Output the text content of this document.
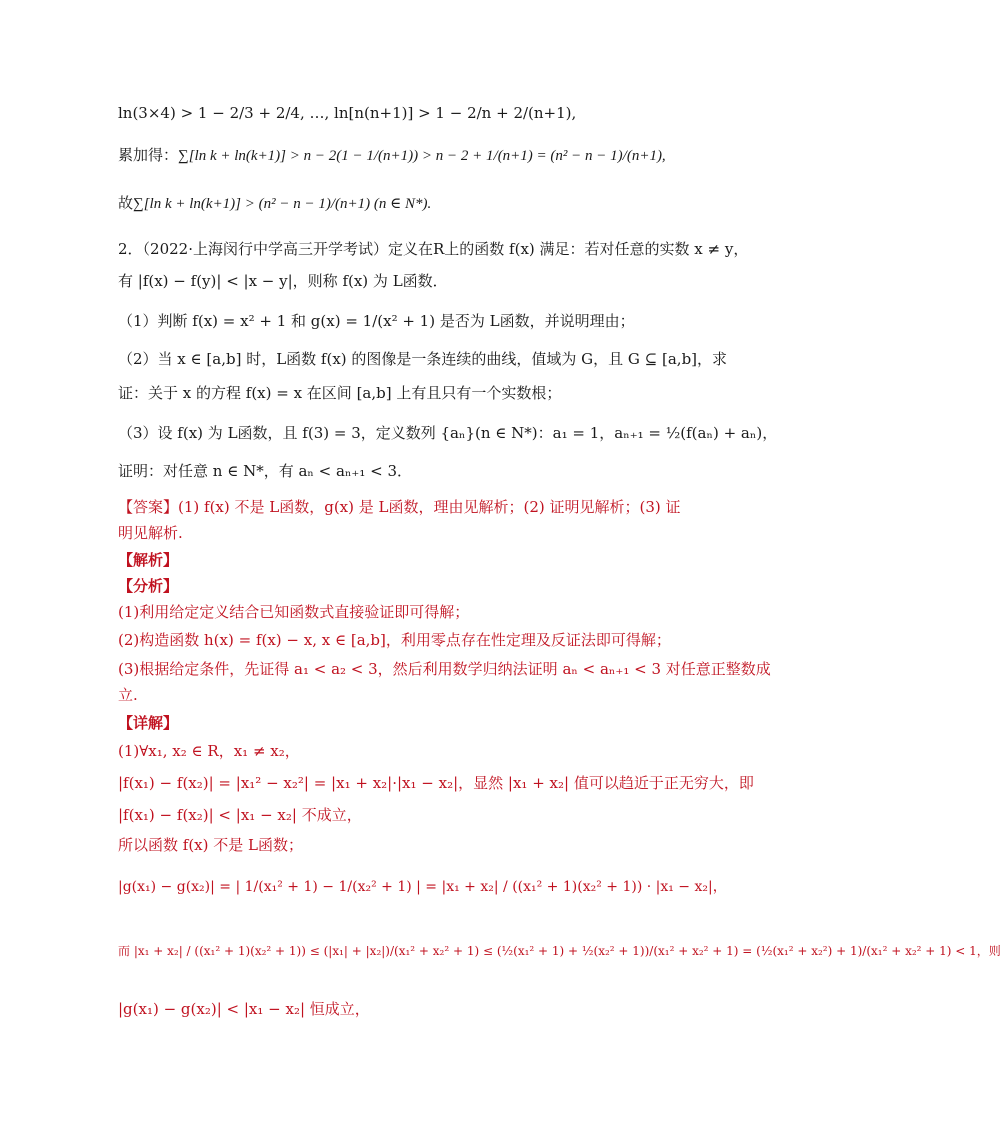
ln(3×4) > 1 − 2/3 + 2/4, …, ln[n(n+1)] > 1 − 2/n + 2/(n+1),
累加得：∑[ln k + ln(k+1)] > n − 2(1 − 1/(n+1)) > n − 2 + 1/(n+1) = (n² − n − 1)/(n+1),
故∑[ln k + ln(k+1)] > (n² − n − 1)/(n+1) (n ∈ N*).
2．（2022·上海闵行中学高三开学考试）定义在R上的函数 f(x) 满足：若对任意的实数 x ≠ y，
有 |f(x) − f(y)| < |x − y|，则称 f(x) 为 L函数．
（1）判断 f(x) = x² + 1 和 g(x) = 1/(x² + 1) 是否为 L函数，并说明理由；
（2）当 x ∈ [a,b] 时，L函数 f(x) 的图像是一条连续的曲线，值域为 G，且 G ⊆ [a,b]，求
证：关于 x 的方程 f(x) = x 在区间 [a,b] 上有且只有一个实数根；
（3）设 f(x) 为 L函数，且 f(3) = 3，定义数列 {aₙ}(n ∈ N*)：a₁ = 1，aₙ₊₁ = ½(f(aₙ) + aₙ)，
证明：对任意 n ∈ N*，有 aₙ < aₙ₊₁ < 3．
【答案】(1) f(x) 不是 L函数，g(x) 是 L函数，理由见解析；(2) 证明见解析；(3) 证
明见解析.
【解析】
【分析】
(1)利用给定定义结合已知函数式直接验证即可得解；
(2)构造函数 h(x) = f(x) − x, x ∈ [a,b]，利用零点存在性定理及反证法即可得解；
(3)根据给定条件，先证得 a₁ < a₂ < 3，然后利用数学归纳法证明 aₙ < aₙ₊₁ < 3 对任意正整数成
立.
【详解】
(1)∀x₁, x₂ ∈ R，x₁ ≠ x₂，
|f(x₁) − f(x₂)| = |x₁² − x₂²| = |x₁ + x₂|·|x₁ − x₂|，显然 |x₁ + x₂| 值可以趋近于正无穷大，即
|f(x₁) − f(x₂)| < |x₁ − x₂| 不成立，
所以函数 f(x) 不是 L函数；
|g(x₁) − g(x₂)| = | 1/(x₁² + 1) − 1/(x₂² + 1) | = |x₁ + x₂| / ((x₁² + 1)(x₂² + 1)) · |x₁ − x₂|，
而 |x₁ + x₂| / ((x₁² + 1)(x₂² + 1)) ≤ (|x₁| + |x₂|)/(x₁² + x₂² + 1) ≤ (½(x₁² + 1) + ½(x₂² + 1))/(x₁² + x₂² + 1) = (½(x₁² + x₂²) + 1)/(x₁² + x₂² + 1) < 1，则
|g(x₁) − g(x₂)| < |x₁ − x₂| 恒成立，
